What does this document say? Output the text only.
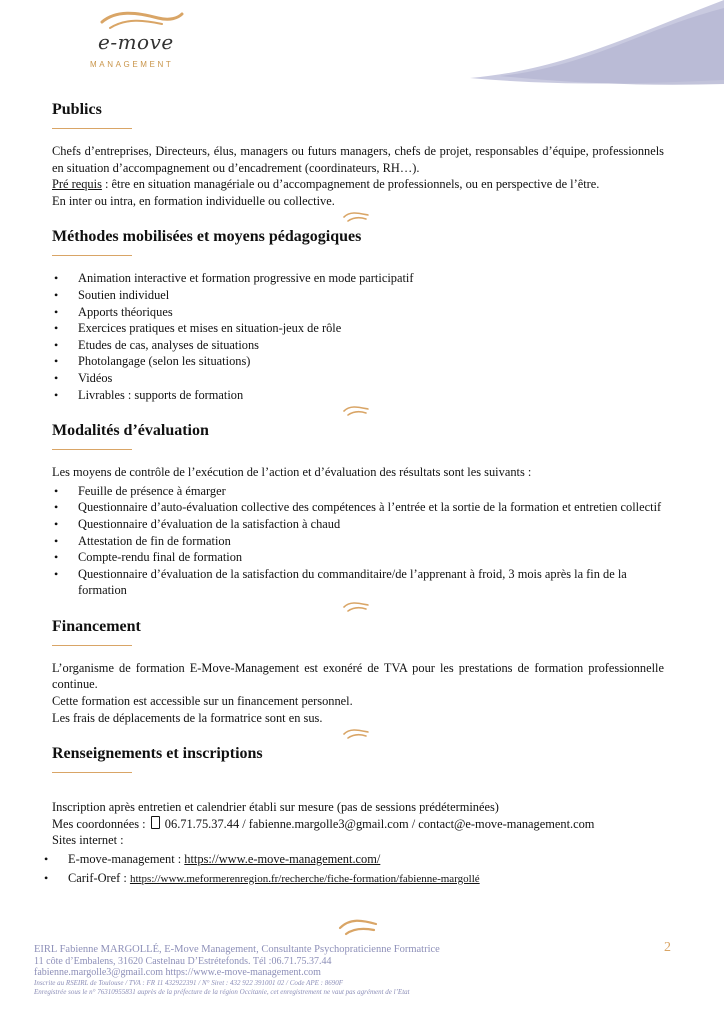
e-move
MANAGEMENT
Publics

Chefs d’entreprises, Directeurs, élus, managers ou futurs managers, chefs de projet, responsables d’équipe, professionnels en situation d’accompagnement ou d’encadrement (coordinateurs, RH…).

Pré requis : être en situation managériale ou d’accompagnement de professionnels, ou en perspective de l’être.

En inter ou intra, en formation individuelle ou collective.

Méthodes mobilisées et moyens pédagogiques
• Animation interactive et formation progressive en mode participatif
• Soutien individuel
• Apports théoriques
• Exercices pratiques et mises en situation-jeux de rôle
• Etudes de cas, analyses de situations
• Photolangage (selon les situations)
• Vidéos
• Livrables : supports de formation
Modalités d’évaluation

Les moyens de contrôle de l’exécution de l’action et d’évaluation des résultats sont les suivants :

• Feuille de présence à émarger
• Questionnaire d’auto-évaluation collective des compétences à l’entrée et la sortie de la formation et entretien collectif
• Questionnaire d’évaluation de la satisfaction à chaud
• Attestation de fin de formation
• Compte-rendu final de formation
• Questionnaire d’évaluation de la satisfaction du commanditaire/de l’apprenant à froid, 3 mois après la fin de la formation
Financement

L’organisme de formation E-Move-Management est exonéré de TVA pour les prestations de formation professionnelle continue.

Cette formation est accessible sur un financement personnel.

Les frais de déplacements de la formatrice sont en sus.

Renseignements et inscriptions

Inscription après entretien et calendrier établi sur mesure (pas de sessions prédéterminées)

Mes coordonnées :  06.71.75.37.44 / fabienne.margolle3@gmail.com / contact@e-move-management.com

Sites internet :

• E-move-management : https://www.e-move-management.com/
• Carif-Oref : https://www.meformerenregion.fr/recherche/fiche-formation/fabienne-margollé
2
EIRL Fabienne MARGOLLÉ, E-Move Management, Consultante Psychopraticienne Formatrice
11 côte d’Embalens, 31620 Castelnau D’Estrétefonds. Tél :06.71.75.37.44
fabienne.margolle3@gmail.com https://www.e-move-management.com
Inscrite au RSEIRL de Toulouse / TVA : FR 11 432922391 / N° Siret : 432 922 391001 02 / Code APE : 8690F
Enregistrée sous le n° 76310955831 auprès de la préfecture de la région Occitanie, cet enregistrement ne vaut pas agrément de l’Etat
